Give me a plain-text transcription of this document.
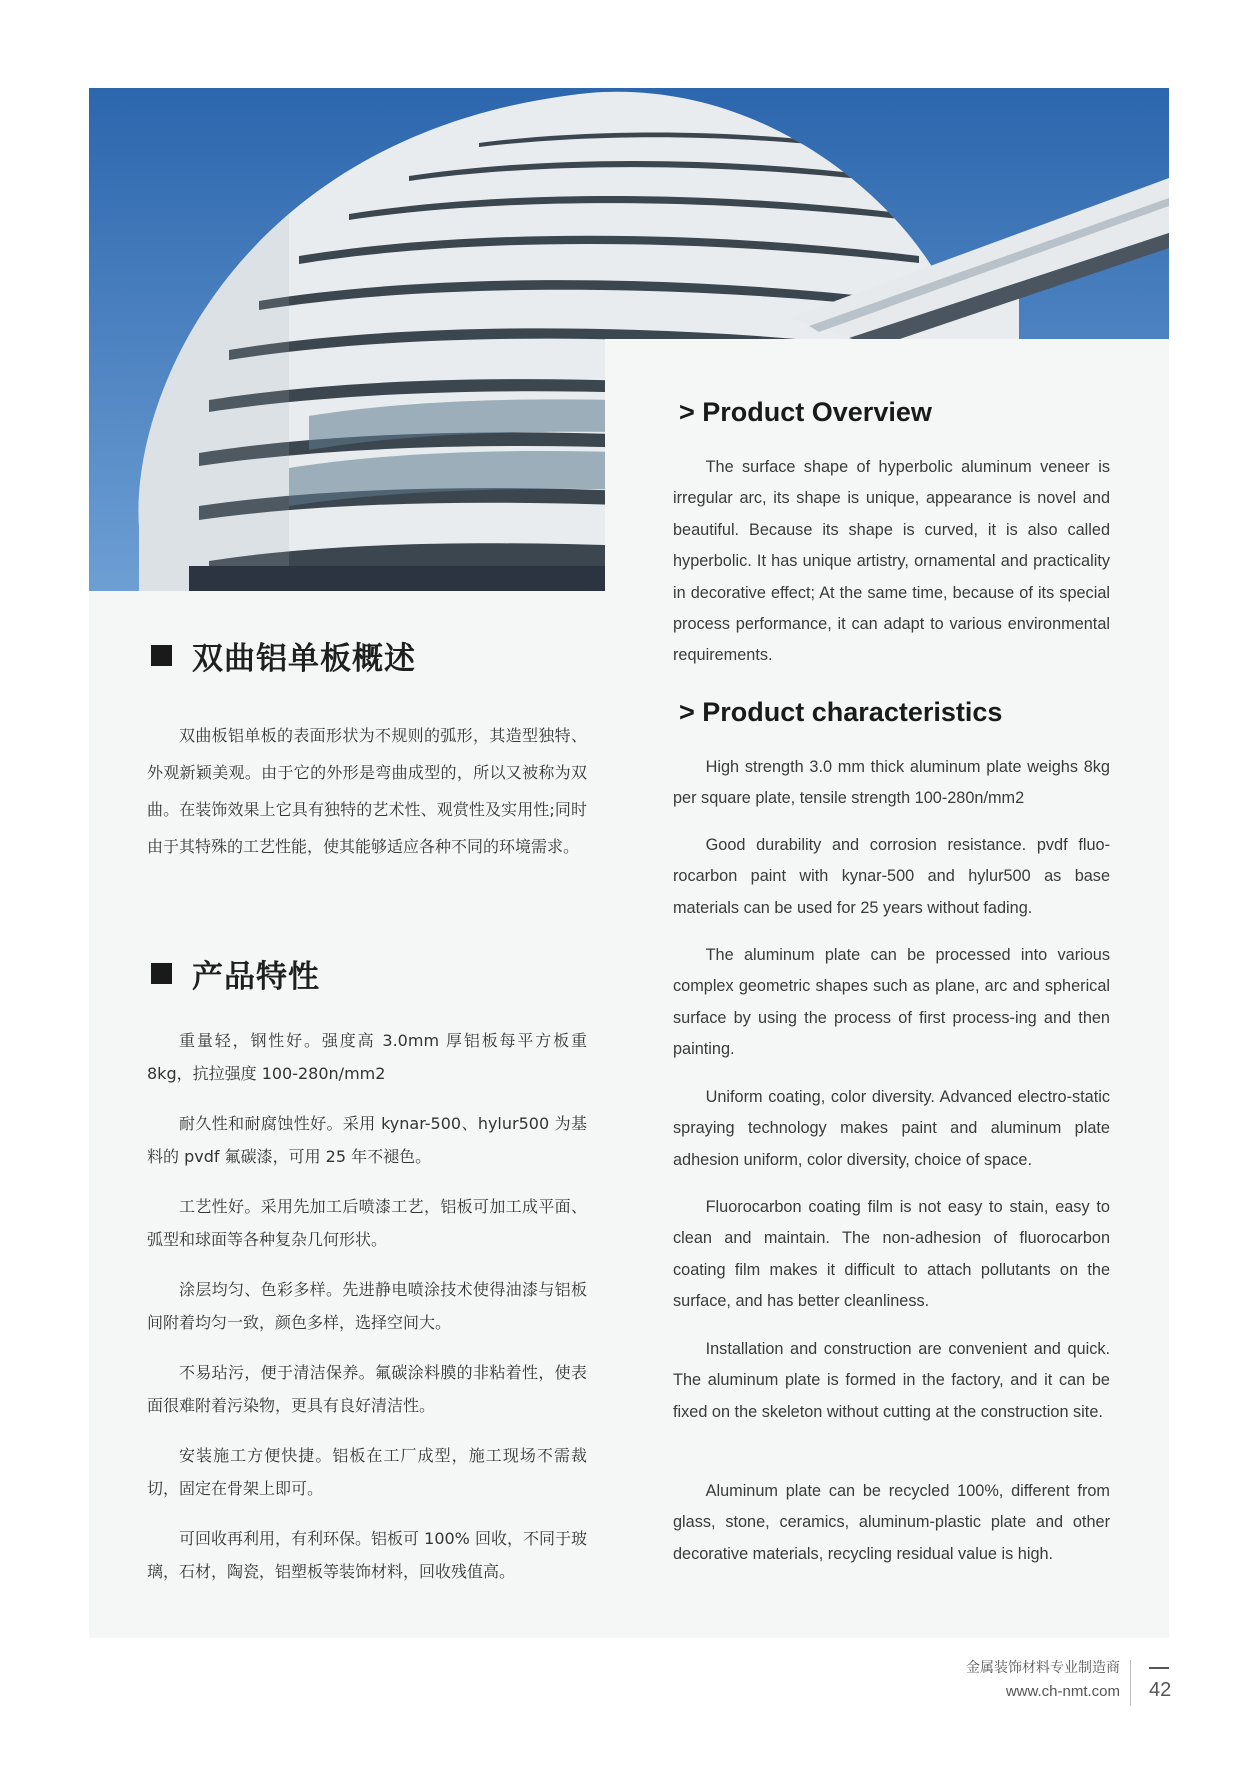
双曲铝单板概述

双曲板铝单板的表面形状为不规则的弧形，其造型独特、外观新颖美观。由于它的外形是弯曲成型的，所以又被称为双曲。在装饰效果上它具有独特的艺术性、观赏性及实用性;同时由于其特殊的工艺性能，使其能够适应各种不同的环境需求。

产品特性

重量轻，钢性好。强度高 3.0mm 厚铝板每平方板重 8kg，抗拉强度 100-280n/mm2

耐久性和耐腐蚀性好。采用 kynar-500、hylur500 为基料的 pvdf 氟碳漆，可用 25 年不褪色。

工艺性好。采用先加工后喷漆工艺，铝板可加工成平面、弧型和球面等各种复杂几何形状。

涂层均匀、色彩多样。先进静电喷涂技术使得油漆与铝板间附着均匀一致，颜色多样，选择空间大。

不易玷污，便于清洁保养。氟碳涂料膜的非粘着性，使表面很难附着污染物，更具有良好清洁性。

安装施工方便快捷。铝板在工厂成型，施工现场不需裁切，固定在骨架上即可。

可回收再利用，有利环保。铝板可 100% 回收，不同于玻璃，石材，陶瓷，铝塑板等装饰材料，回收残值高。

> Product Overview

The surface shape of hyperbolic aluminum veneer is irregular arc, its shape is unique, appearance is novel and beautiful. Because its shape is curved, it is also called hyperbolic. It has unique artistry, ornamental and practicality in decorative effect; At the same time, because of its special process performance, it can adapt to various environmental requirements.

> Product characteristics

High strength 3.0 mm thick aluminum plate weighs 8kg per square plate, tensile strength 100-280n/mm2

Good durability and corrosion resistance. pvdf fluo-rocarbon paint with kynar-500 and hylur500 as base materials can be used for 25 years without fading.

The aluminum plate can be processed into various complex geometric shapes such as plane, arc and spherical surface by using the process of first process-ing and then painting.

Uniform coating, color diversity. Advanced electro-static spraying technology makes paint and aluminum plate adhesion uniform, color diversity, choice of space.

Fluorocarbon coating film is not easy to stain, easy to clean and maintain. The non-adhesion of fluorocarbon coating film makes it difficult to attach pollutants on the surface, and has better cleanliness.

Installation and construction are convenient and quick. The aluminum plate is formed in the factory, and it can be fixed on the skeleton without cutting at the construction site.

Aluminum plate can be recycled 100%, different from glass, stone, ceramics, aluminum-plastic plate and other decorative materials, recycling residual value is high.

金属装饰材料专业制造商
www.ch-nmt.com 42
